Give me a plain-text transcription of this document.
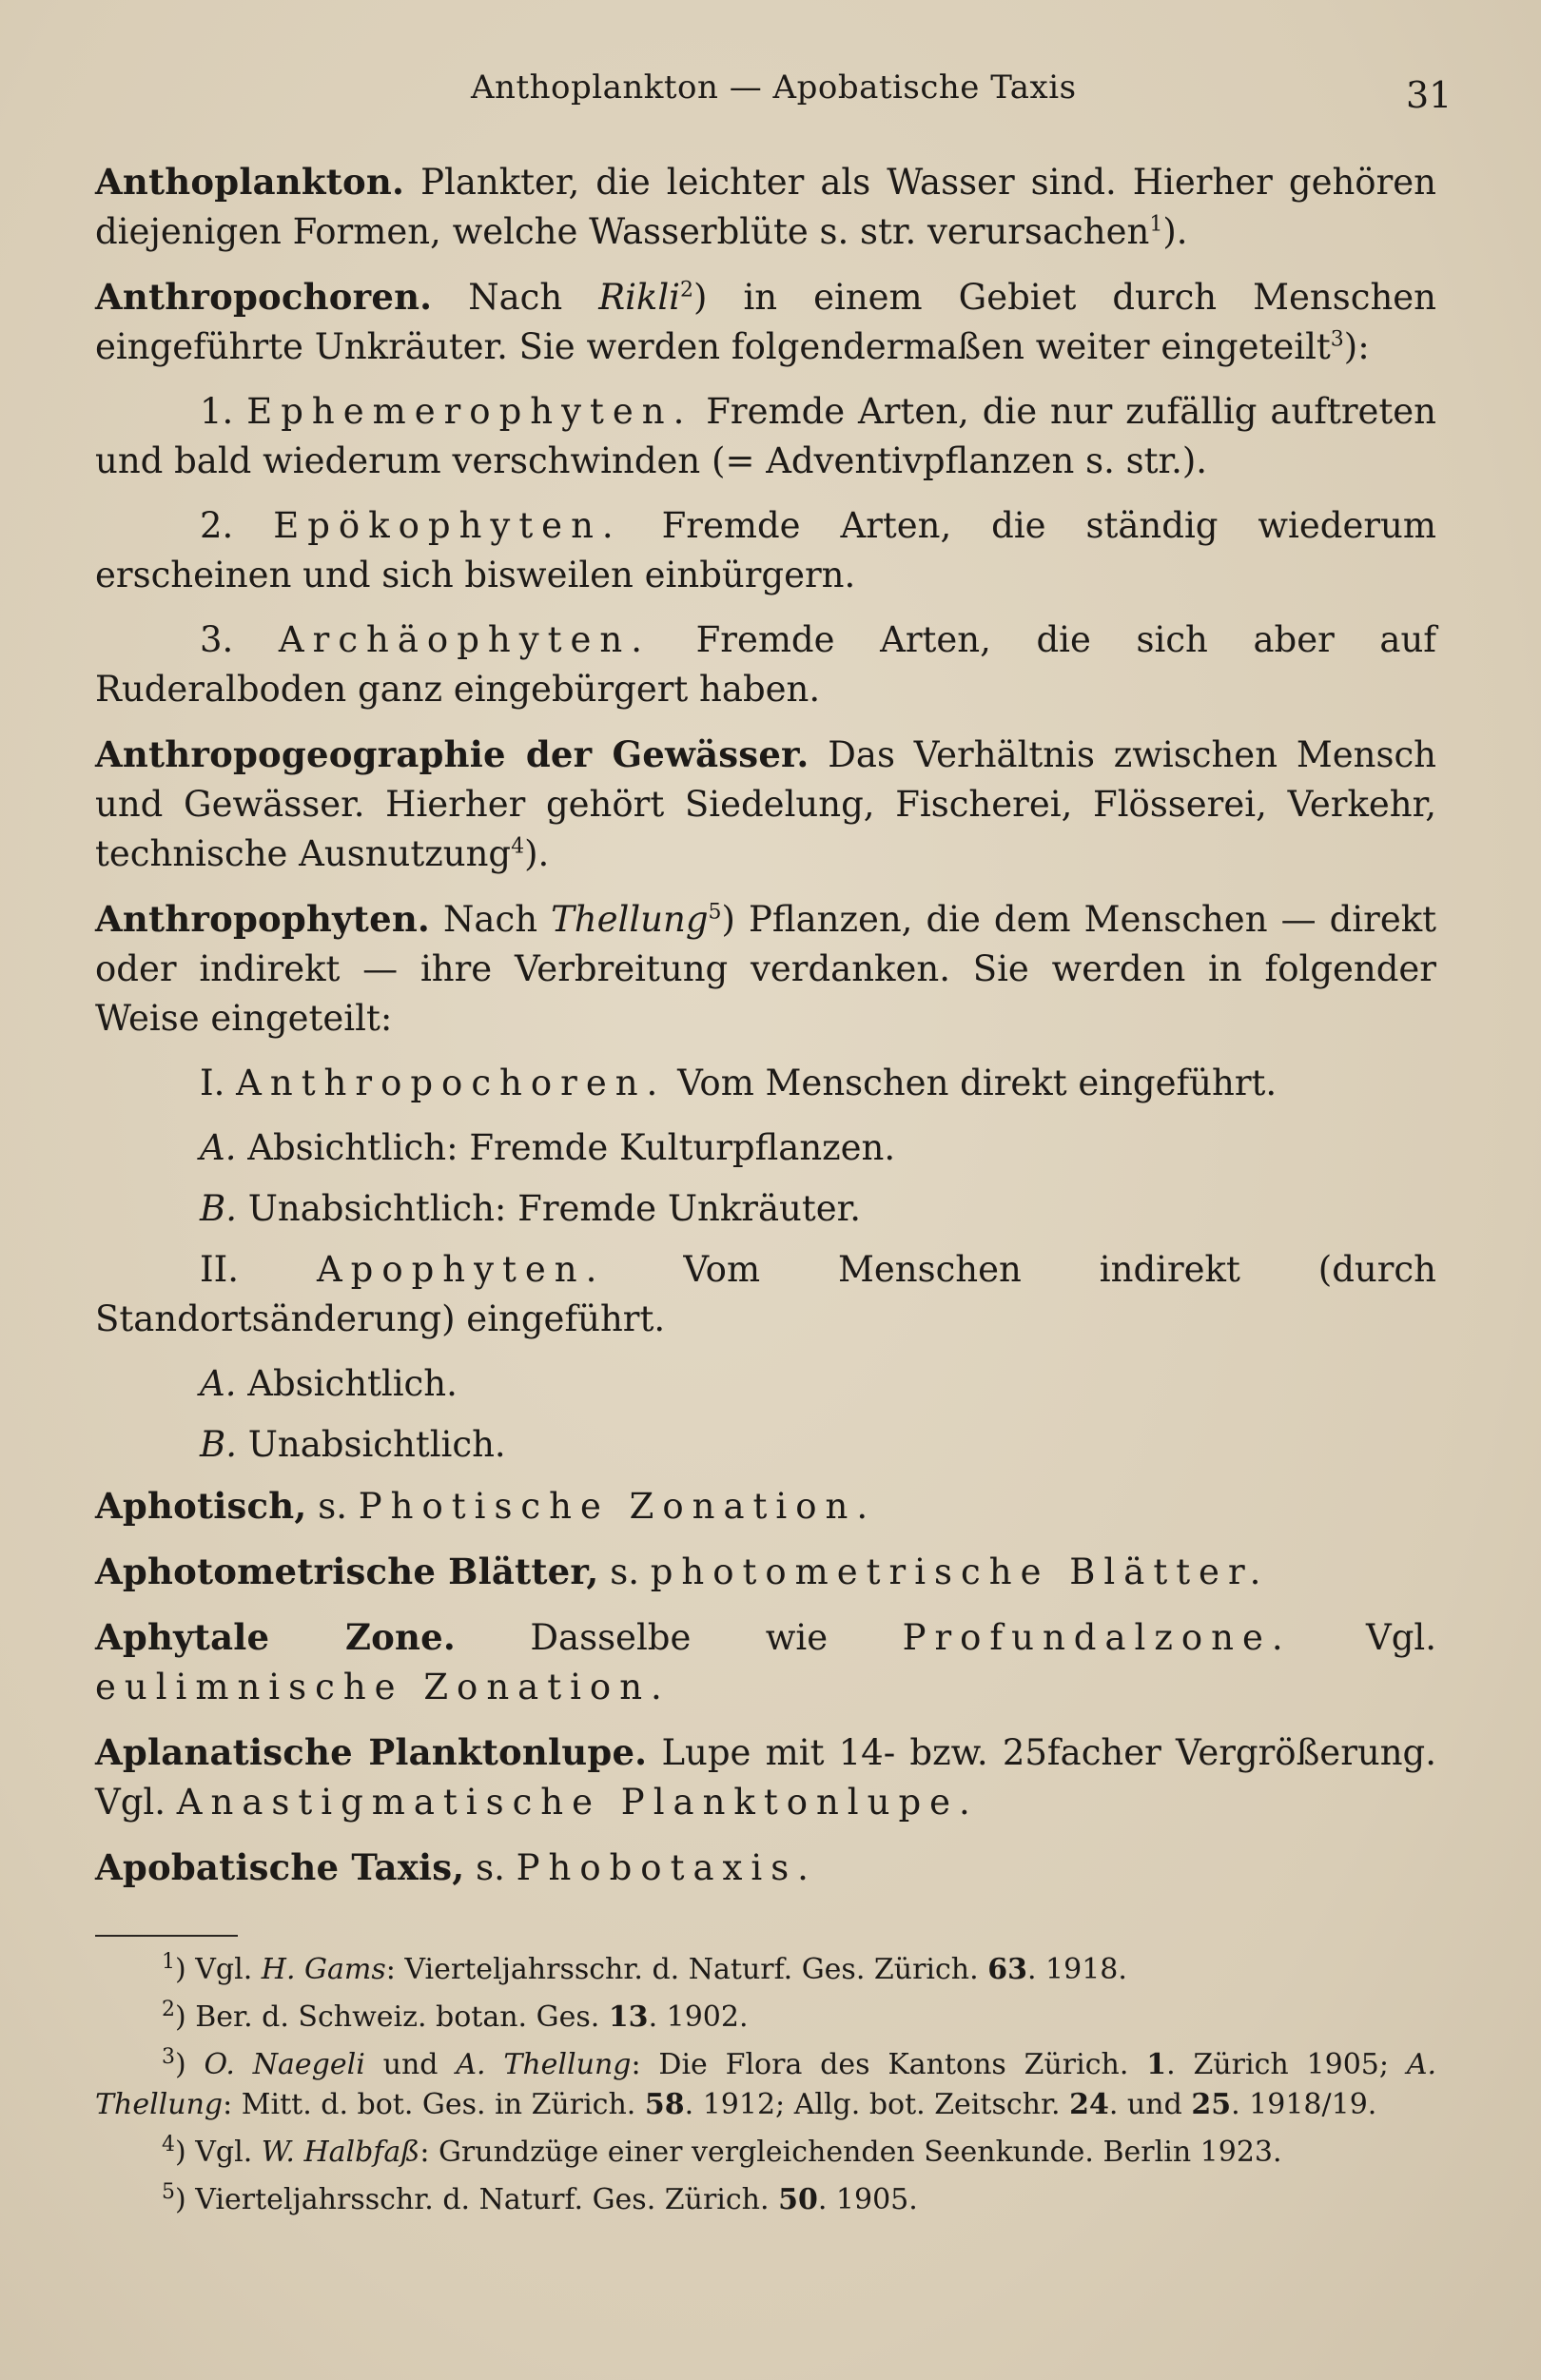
Anthoplankton — Apobatische Taxis	31

Anthoplankton. Plankter, die leichter als Wasser sind. Hierher gehören diejenigen Formen, welche Wasserblüte s. str. verursachen$^1$).

Anthropochoren. Nach Rikli$^2$) in einem Gebiet durch Menschen eingeführte Unkräuter. Sie werden folgendermaßen weiter eingeteilt$^3$):

1. Ephemerophyten. Fremde Arten, die nur zufällig auftreten und bald wiederum verschwinden (= Adventivpflanzen s. str.).

2. Epökophyten. Fremde Arten, die ständig wiederum erscheinen und sich bisweilen einbürgern.

3. Archäophyten. Fremde Arten, die sich aber auf Ruderalboden ganz eingebürgert haben.

Anthropogeographie der Gewässer. Das Verhältnis zwischen Mensch und Gewässer. Hierher gehört Siedelung, Fischerei, Flösserei, Verkehr, technische Ausnutzung$^4$).

Anthropophyten. Nach Thellung$^5$) Pflanzen, die dem Menschen — direkt oder indirekt — ihre Verbreitung verdanken. Sie werden in folgender Weise eingeteilt:

I. Anthropochoren. Vom Menschen direkt eingeführt.

A. Absichtlich: Fremde Kulturpflanzen.

B. Unabsichtlich: Fremde Unkräuter.

II. Apophyten. Vom Menschen indirekt (durch Standortsänderung) eingeführt.

A. Absichtlich.

B. Unabsichtlich.

Aphotisch, s. Photische Zonation.

Aphotometrische Blätter, s. photometrische Blätter.

Aphytale Zone. Dasselbe wie Profundalzone. Vgl. eulimnische Zonation.

Aplanatische Planktonlupe. Lupe mit 14- bzw. 25facher Vergrößerung. Vgl. Anastigmatische Planktonlupe.

Apobatische Taxis, s. Phobotaxis.

$^1$) Vgl. H. Gams: Vierteljahrsschr. d. Naturf. Ges. Zürich. 63. 1918.

$^2$) Ber. d. Schweiz. botan. Ges. 13. 1902.

$^3$) O. Naegeli und A. Thellung: Die Flora des Kantons Zürich. 1. Zürich 1905; A. Thellung: Mitt. d. bot. Ges. in Zürich. 58. 1912; Allg. bot. Zeitschr. 24. und 25. 1918/19.

$^4$) Vgl. W. Halbfaß: Grundzüge einer vergleichenden Seenkunde. Berlin 1923.

$^5$) Vierteljahrsschr. d. Naturf. Ges. Zürich. 50. 1905.
